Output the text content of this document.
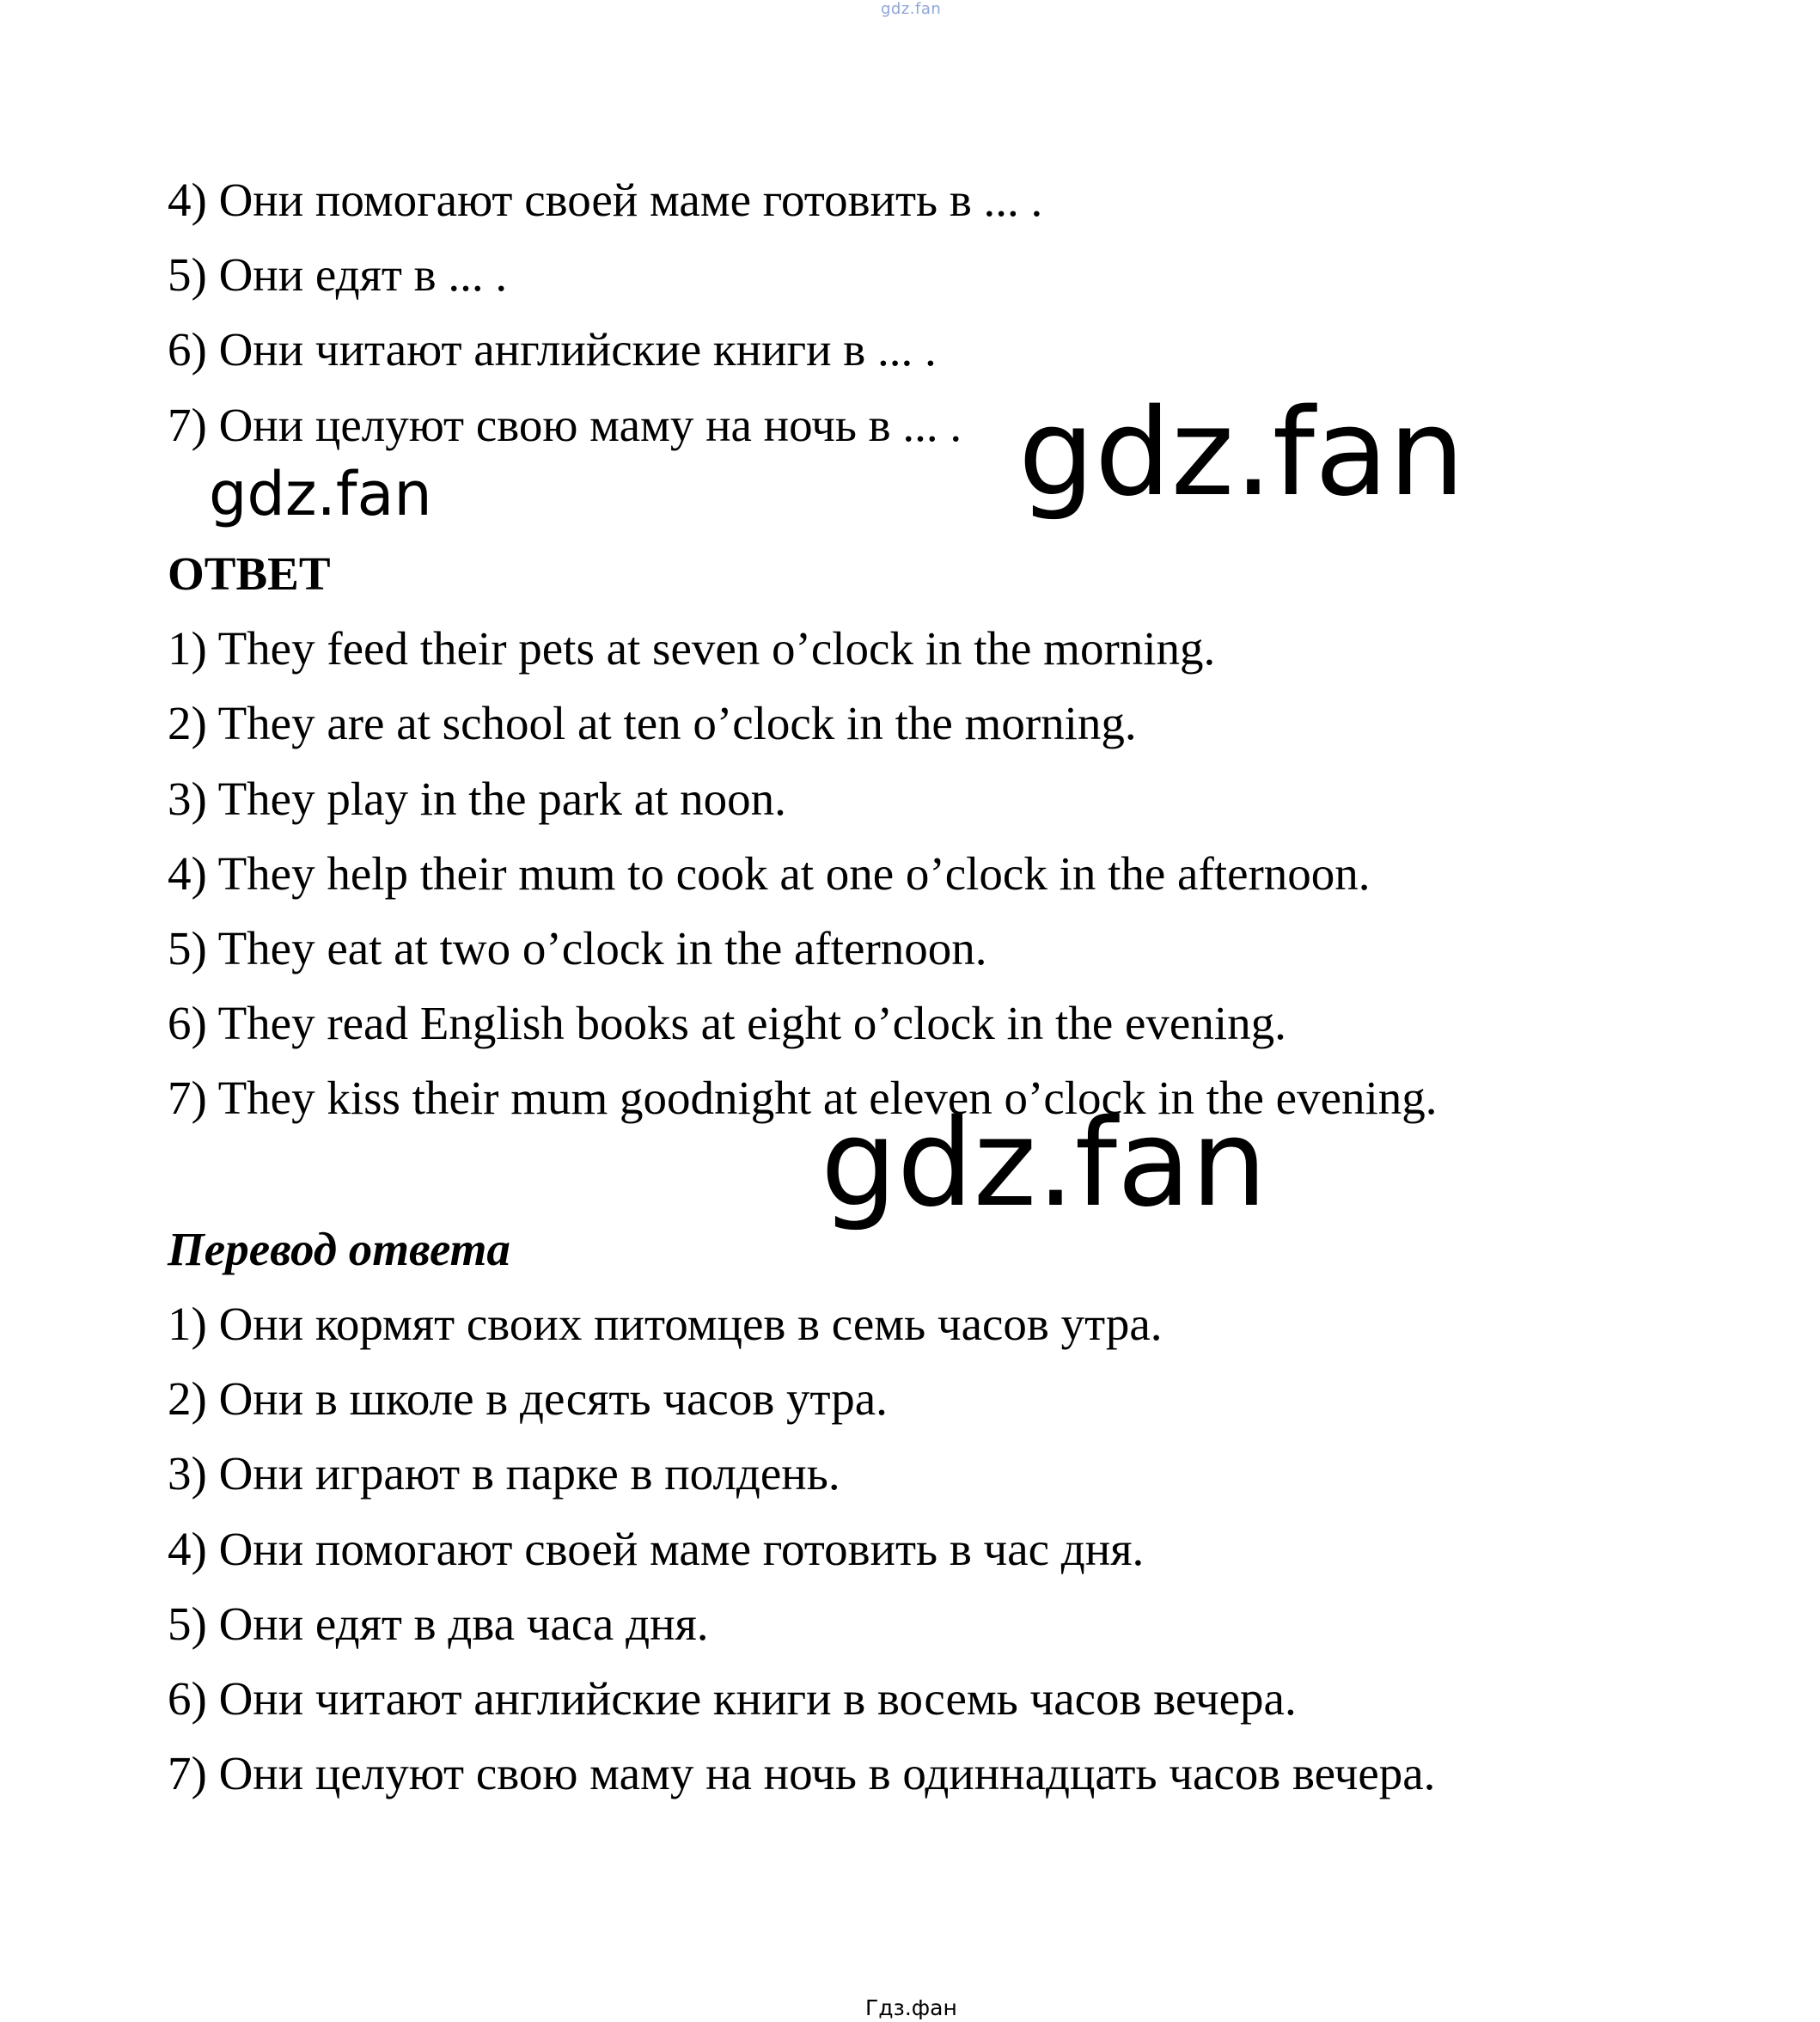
gdz.fan
4) Они помогают своей маме готовить в ... .
5) Они едят в ... .
6) Они читают английские книги в ... .
7) Они целуют свою маму на ночь в ... .
gdz.fan	gdz.fan
ОТВЕТ
1) They feed their pets at seven o’clock in the morning.
2) They are at school at ten o’clock in the morning.
3) They play in the park at noon.
4) They help their mum to cook at one o’clock in the afternoon.
5) They eat at two o’clock in the afternoon.
6) They read English books at eight o’clock in the evening.
7) They kiss their mum goodnight at eleven o’clock in the evening.
gdz.fan
Перевод ответа
1) Они кормят своих питомцев в семь часов утра.
2) Они в школе в десять часов утра.
3) Они играют в парке в полдень.
4) Они помогают своей маме готовить в час дня.
5) Они едят в два часа дня.
6) Они читают английские книги в восемь часов вечера.
7) Они целуют свою маму на ночь в одиннадцать часов вечера.
Гдз.фан
